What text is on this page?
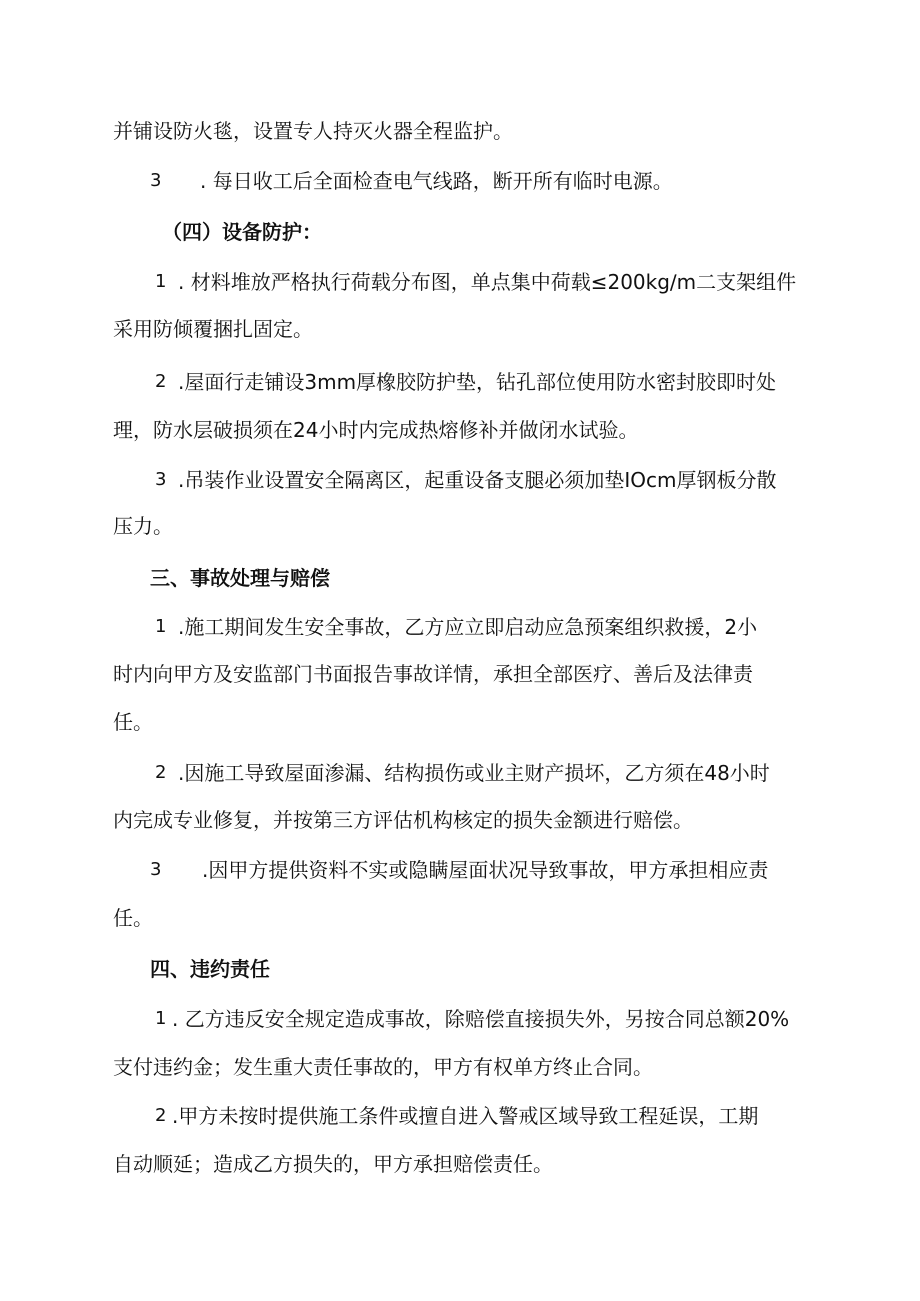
并铺设防火毯，设置专人持灭火器全程监护。
3 . 每日收工后全面检查电气线路，断开所有临时电源。
（四）设备防护：
1 . 材料堆放严格执行荷载分布图，单点集中荷载≤200kg∕m二支架组件
采用防倾覆捆扎固定。
2 .屋面行走铺设3mm厚橡胶防护垫，钻孔部位使用防水密封胶即时处
理，防水层破损须在24小时内完成热熔修补并做闭水试验。
3 .吊装作业设置安全隔离区，起重设备支腿必须加垫IOcm厚钢板分散
压力。
三、事故处理与赔偿
1 .施工期间发生安全事故，乙方应立即启动应急预案组织救援，2小
时内向甲方及安监部门书面报告事故详情，承担全部医疗、善后及法律责
任。
2 .因施工导致屋面渗漏、结构损伤或业主财产损坏，乙方须在48小时
内完成专业修复，并按第三方评估机构核定的损失金额进行赔偿。
3 .因甲方提供资料不实或隐瞒屋面状况导致事故，甲方承担相应责
任。
四、违约责任
1 . 乙方违反安全规定造成事故，除赔偿直接损失外，另按合同总额20%
支付违约金；发生重大责任事故的，甲方有权单方终止合同。
2 .甲方未按时提供施工条件或擅自进入警戒区域导致工程延误，工期
自动顺延；造成乙方损失的，甲方承担赔偿责任。
